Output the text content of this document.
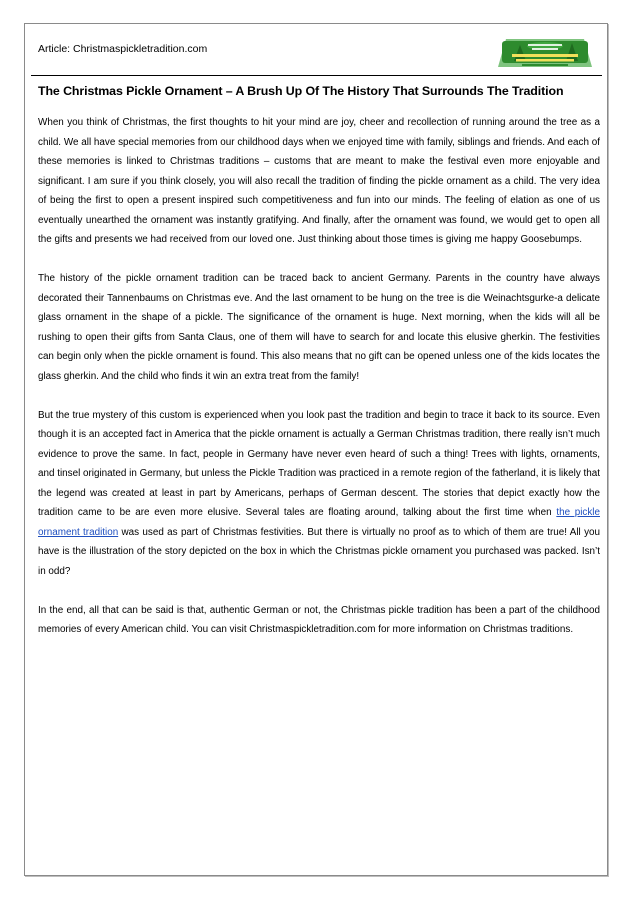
Article: Christmaspickletradition.com
The Christmas Pickle Ornament – A Brush Up Of The History That Surrounds The Tradition

When you think of Christmas, the first thoughts to hit your mind are joy, cheer and recollection of running around the tree as a child. We all have special memories from our childhood days when we enjoyed time with family, siblings and friends. And each of these memories is linked to Christmas traditions – customs that are meant to make the festival even more enjoyable and significant. I am sure if you think closely, you will also recall the tradition of finding the pickle ornament as a child. The very idea of being the first to open a present inspired such competitiveness and fun into our minds. The feeling of elation as one of us eventually unearthed the ornament was instantly gratifying. And finally, after the ornament was found, we would get to open all the gifts and presents we had received from our loved one. Just thinking about those times is giving me happy Goosebumps.

The history of the pickle ornament tradition can be traced back to ancient Germany. Parents in the country have always decorated their Tannenbaums on Christmas eve. And the last ornament to be hung on the tree is die Weinachtsgurke-a delicate glass ornament in the shape of a pickle. The significance of the ornament is huge. Next morning, when the kids will all be rushing to open their gifts from Santa Claus, one of them will have to search for and locate this elusive gherkin. The festivities can begin only when the pickle ornament is found. This also means that no gift can be opened unless one of the kids locates the glass gherkin. And the child who finds it win an extra treat from the family!

But the true mystery of this custom is experienced when you look past the tradition and begin to trace it back to its source. Even though it is an accepted fact in America that the pickle ornament is actually a German Christmas tradition, there really isn’t much evidence to prove the same. In fact, people in Germany have never even heard of such a thing! Trees with lights, ornaments, and tinsel originated in Germany, but unless the Pickle Tradition was practiced in a remote region of the fatherland, it is likely that the legend was created at least in part by Americans, perhaps of German descent. The stories that depict exactly how the tradition came to be are even more elusive. Several tales are floating around, talking about the first time when the pickle ornament tradition was used as part of Christmas festivities. But there is virtually no proof as to which of them are true! All you have is the illustration of the story depicted on the box in which the Christmas pickle ornament you purchased was packed. Isn’t in odd?

In the end, all that can be said is that, authentic German or not, the Christmas pickle tradition has been a part of the childhood memories of every American child. You can visit Christmaspickletradition.com for more information on Christmas traditions.
